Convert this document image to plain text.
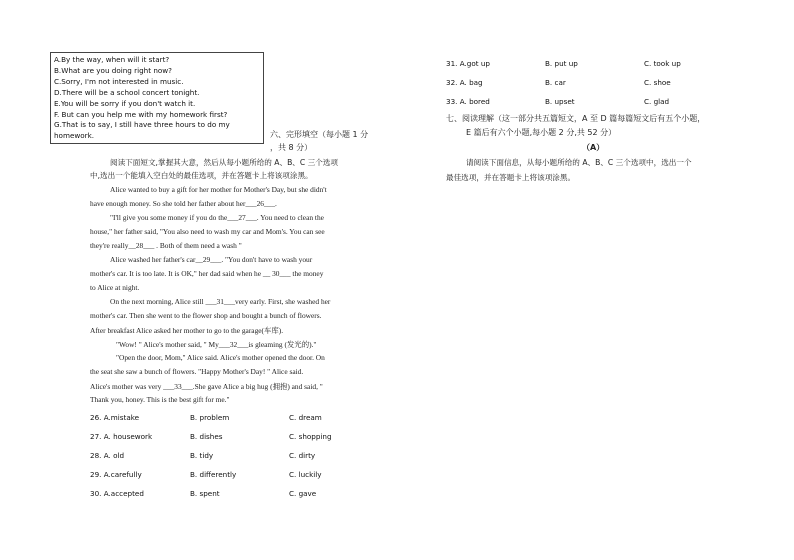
A.By the way, when will it start?
B.What are you doing right now?
C.Sorry, I'm not interested in music.
D.There will be a school concert tonight.
E.You will be sorry if you don't watch it.
F. But can you help me with my homework first?
G.That is to say, I still have three hours to do my
homework.	六、完形填空（每小题 1 分
，共 8 分）
阅读下面短文,掌握其大意，然后从每小题所给的 A、B、C 三个选项
中,选出一个能填入空白处的最佳选项，并在答题卡上将该项涂黑。
Alice wanted to buy a gift for her mother for Mother's Day, but she didn't
have enough money. So she told her father about her___26___.
"I'll give you some money if you do the___27___. You need to clean the
house," her father said, "You also need to wash my car and Mom's. You can see
they're really__28___ . Both of them need a wash "
Alice washed her father's car__29___. "You don't have to wash your
mother's car. It is too late. It is OK," her dad said when he __ 30___ the money
to Alice at night.
On the next morning, Alice still ___31___very early. First, she washed her
mother's car. Then she went to the flower shop and bought a bunch of flowers.
After breakfast Alice asked her mother to go to the garage(车库).
"Wow! " Alice's mother said, " My___32___is gleaming (发光的)."
"Open the door, Mom," Alice said. Alice's mother opened the door. On
the seat she saw a bunch of flowers. "Happy Mother's Day! " Alice said.
Alice's mother was very ___33___.She gave Alice a big hug (拥抱) and said, "
Thank you, honey. This is the best gift for me."
26. A.mistake	B. problem	C. dream
27. A. housework	B. dishes	C. shopping
28. A. old	B. tidy	C. dirty
29. A.carefully	B. differently	C. luckily
30. A.accepted	B. spent	C. gave
31. A.got up	B. put up	C. took up
32. A. bag	B. car	C. shoe
33. A. bored	B. upset	C. glad
七、阅读理解（这一部分共五篇短文，A 至 D 篇每篇短文后有五个小题，
E 篇后有六个小题,每小题 2 分,共 52 分）
（A）
请阅读下面信息，从每小题所给的 A、B、C 三个选项中，选出一个
最佳选项，并在答题卡上将该项涂黑。
